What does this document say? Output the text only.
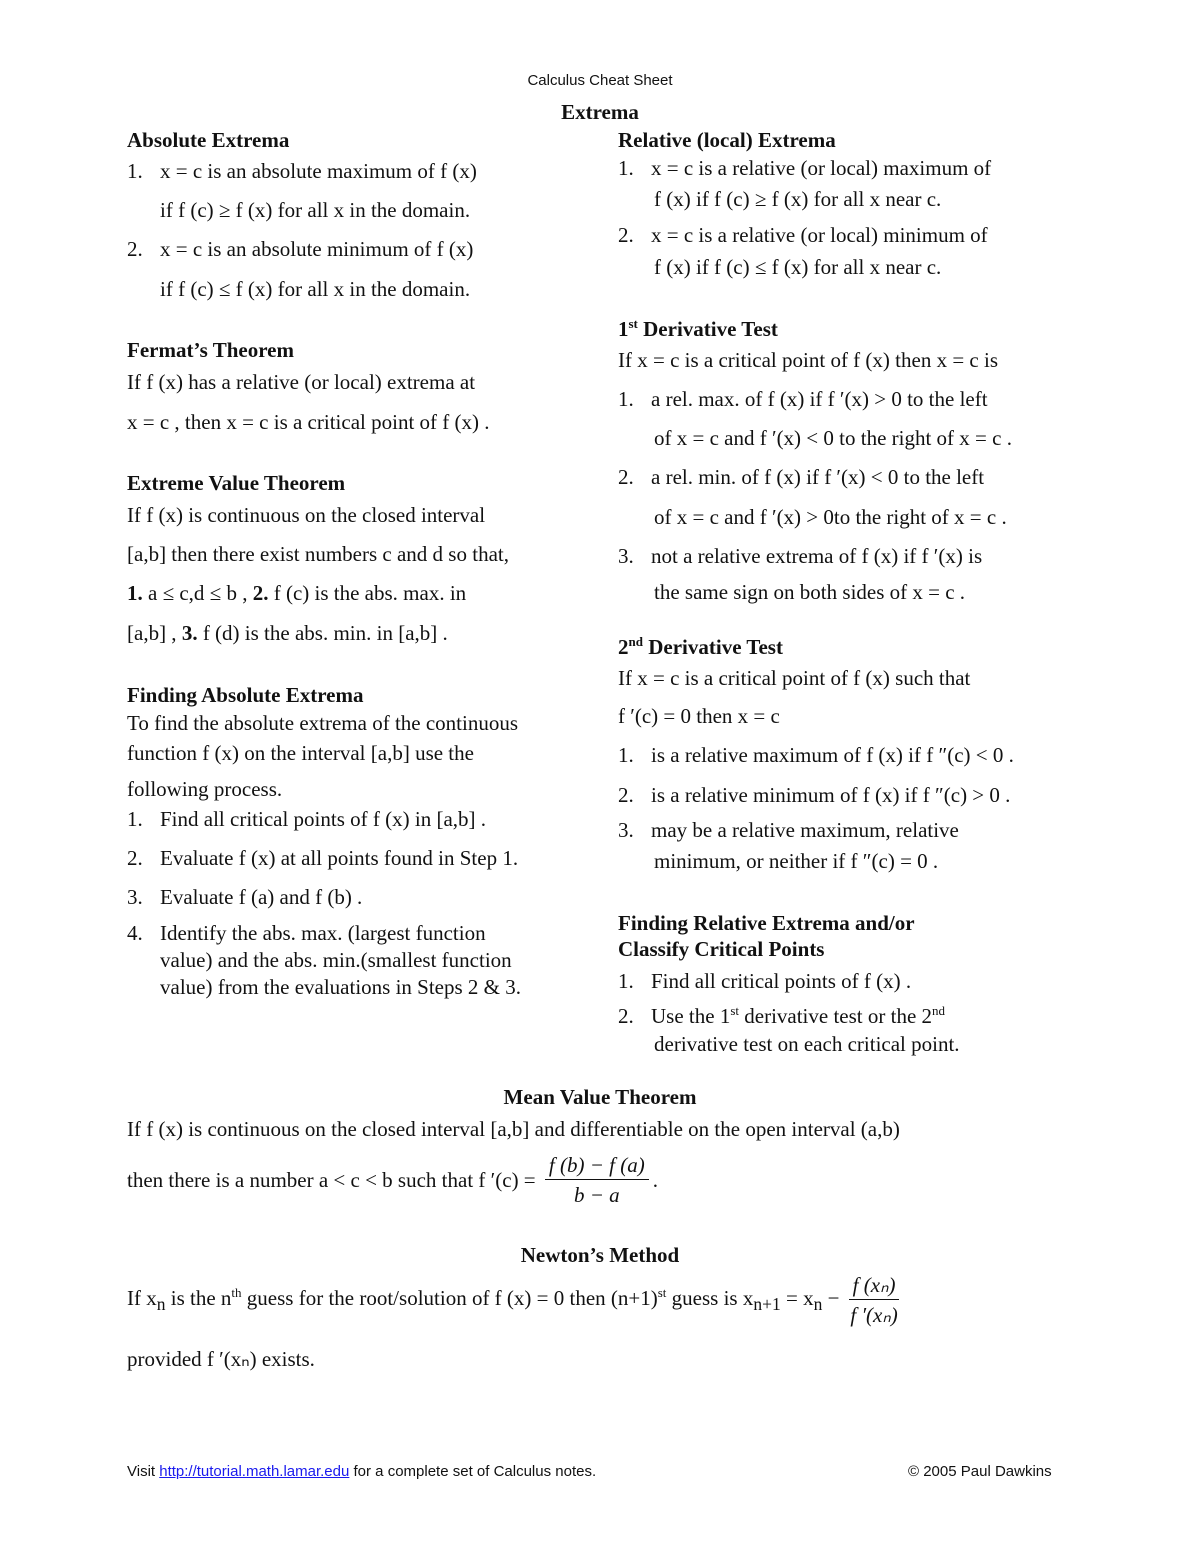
Calculus Cheat Sheet
Extrema
Absolute Extrema
1. x = c is an absolute maximum of f (x)
if f (c) ≥ f (x) for all x in the domain.
2. x = c is an absolute minimum of f (x)
if f (c) ≤ f (x) for all x in the domain.
Fermat’s Theorem
If f (x) has a relative (or local) extrema at
x = c , then x = c is a critical point of f (x) .
Extreme Value Theorem
If f (x) is continuous on the closed interval
[a,b] then there exist numbers c and d so that,
1. a ≤ c,d ≤ b , 2. f (c) is the abs. max. in
[a,b] , 3. f (d) is the abs. min. in [a,b] .
Finding Absolute Extrema
To find the absolute extrema of the continuous
function f (x) on the interval [a,b] use the
following process.
1. Find all critical points of f (x) in [a,b] .
2. Evaluate f (x) at all points found in Step 1.
3. Evaluate f (a) and f (b) .
4. Identify the abs. max. (largest function
value) and the abs. min.(smallest function
value) from the evaluations in Steps 2 & 3.
Relative (local) Extrema
1. x = c is a relative (or local) maximum of
f (x) if f (c) ≥ f (x) for all x near c.
2. x = c is a relative (or local) minimum of
f (x) if f (c) ≤ f (x) for all x near c.
1st Derivative Test
If x = c is a critical point of f (x) then x = c is
1. a rel. max. of f (x) if f ′(x) > 0 to the left
of x = c and f ′(x) < 0 to the right of x = c .
2. a rel. min. of f (x) if f ′(x) < 0 to the left
of x = c and f ′(x) > 0to the right of x = c .
3. not a relative extrema of f (x) if f ′(x) is
the same sign on both sides of x = c .
2nd Derivative Test
If x = c is a critical point of f (x) such that
f ′(c) = 0 then x = c
1. is a relative maximum of f (x) if f ″(c) < 0 .
2. is a relative minimum of f (x) if f ″(c) > 0 .
3. may be a relative maximum, relative
minimum, or neither if f ″(c) = 0 .
Finding Relative Extrema and/or
Classify Critical Points
1. Find all critical points of f (x) .
2. Use the 1st derivative test or the 2nd
derivative test on each critical point.
Mean Value Theorem
If f (x) is continuous on the closed interval [a,b] and differentiable on the open interval (a,b)
then there is a number a < c < b such that f $'(c) = \frac{f (b) - f (a)}{b - a}$ .
Newton’s Method
If $x_n$ is the $n^{th}$ guess for the root/solution of f (x) = 0 then $(n+1)^{st}$ guess is $x_{n+1} = x_n - \frac{\text{f (xₙ)}}{\text{f ′(xₙ)}}$
provided f ′(xₙ) exists.
Visit http://tutorial.math.lamar.edu for a complete set of Calculus notes.	© 2005 Paul Dawkins
